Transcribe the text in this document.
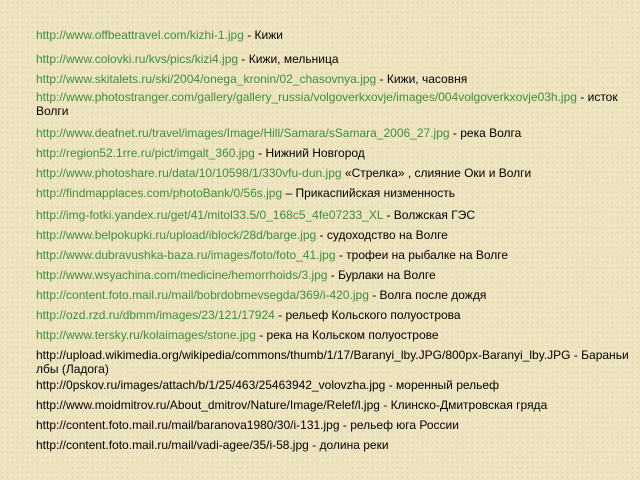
http://www.offbeattravel.com/kizhi-1.jpg - Кижи
http://www.colovki.ru/kvs/pics/kizi4.jpg - Кижи, мельница
http://www.skitalets.ru/ski/2004/onega_kronin/02_chasovnya.jpg - Кижи, часовня
http://www.photostranger.com/gallery/gallery_russia/volgoverkxovje/images/004volgoverkxovje03h.jpg - исток Волги
http://www.deafnet.ru/travel/images/Image/Hill/Samara/sSamara_2006_27.jpg - река Волга
http://region52.1rre.ru/pict/imgalt_360.jpg - Нижний Новгород
http://www.photoshare.ru/data/10/10598/1/330vfu-dun.jpg «Стрелка» , слияние Оки и Волги
http://findmapplaces.com/photoBank/0/56s.jpg – Прикаспийская низменность
http://img-fotki.yandex.ru/get/41/mitol33.5/0_168c5_4fe07233_XL - Волжская ГЭС
http://www.belpokupki.ru/upload/iblock/28d/barge.jpg - судоходство на Волге
http://www.dubravushka-baza.ru/images/foto/foto_41.jpg - трофеи на рыбалке на Волге
http://www.wsyachina.com/medicine/hemorrhoids/3.jpg - Бурлаки на Волге
http://content.foto.mail.ru/mail/bobrdobmevsegda/369/i-420.jpg - Волга после дождя
http://ozd.rzd.ru/dbmm/images/23/121/17924 - рельеф Кольского полуострова
http://www.tersky.ru/kolaimages/stone.jpg - река на Кольском полуострове
http://upload.wikimedia.org/wikipedia/commons/thumb/1/17/Baranyi_lby.JPG/800px-Baranyi_lby.JPG - Бараньи лбы (Ладога)
http://0pskov.ru/images/attach/b/1/25/463/25463942_volovzha.jpg - моренный рельеф
http://www.moidmitrov.ru/About_dmitrov/Nature/Image/Relef/l.jpg - Клинско-Дмитровская гряда
http://content.foto.mail.ru/mail/baranova1980/30/i-131.jpg - рельеф юга России
http://content.foto.mail.ru/mail/vadi-agee/35/i-58.jpg - долина реки
